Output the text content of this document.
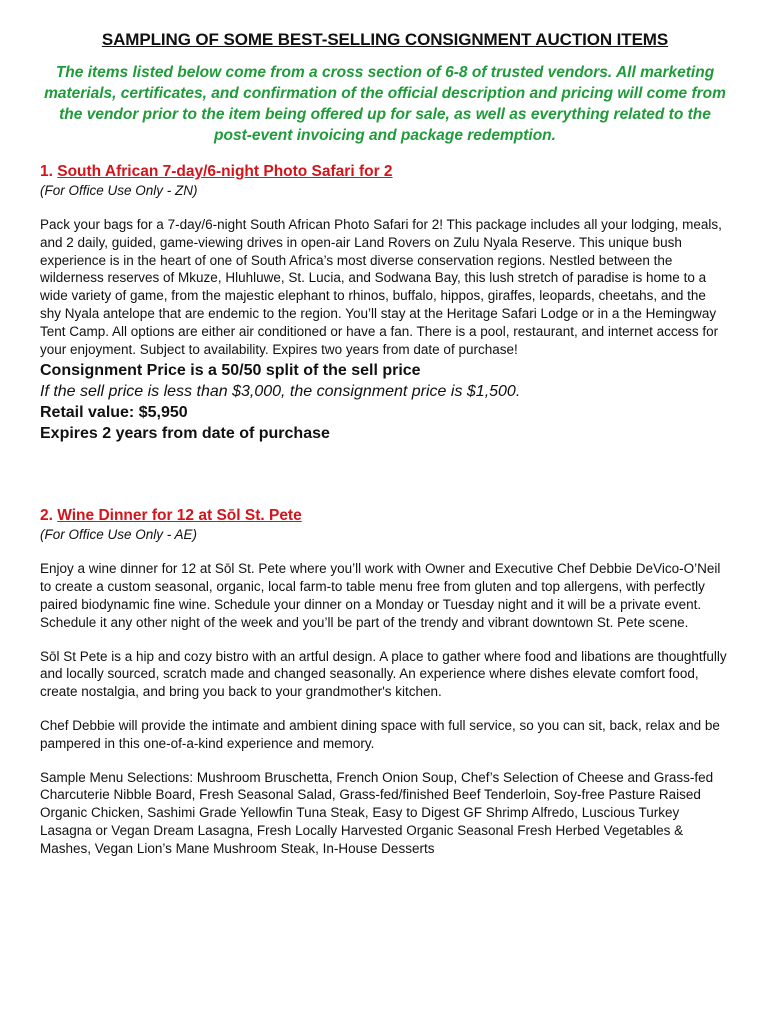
SAMPLING OF SOME BEST-SELLING CONSIGNMENT AUCTION ITEMS

The items listed below come from a cross section of 6-8 of trusted vendors. All marketing materials, certificates, and confirmation of the official description and pricing will come from the vendor prior to the item being offered up for sale, as well as everything related to the post-event invoicing and package redemption.

1. South African 7-day/6-night Photo Safari for 2

(For Office Use Only - ZN)

Pack your bags for a 7-day/6-night South African Photo Safari for 2! This package includes all your lodging, meals, and 2 daily, guided, game-viewing drives in open-air Land Rovers on Zulu Nyala Reserve. This unique bush experience is in the heart of one of South Africa’s most diverse conservation regions. Nestled between the wilderness reserves of Mkuze, Hluhluwe, St. Lucia, and Sodwana Bay, this lush stretch of paradise is home to a wide variety of game, from the majestic elephant to rhinos, buffalo, hippos, giraffes, leopards, cheetahs, and the shy Nyala antelope that are endemic to the region. You’ll stay at the Heritage Safari Lodge or in a the Hemingway Tent Camp. All options are either air conditioned or have a fan. There is a pool, restaurant, and internet access for your enjoyment. Subject to availability. Expires two years from date of purchase!

Consignment Price is a 50/50 split of the sell price

If the sell price is less than $3,000, the consignment price is $1,500.

Retail value: $5,950

Expires 2 years from date of purchase

2. Wine Dinner for 12 at Sōl St. Pete

(For Office Use Only - AE)

Enjoy a wine dinner for 12 at Sōl St. Pete where you’ll work with Owner and Executive Chef Debbie DeVico-O’Neil to create a custom seasonal, organic, local farm-to table menu free from gluten and top allergens, with perfectly paired biodynamic fine wine. Schedule your dinner on a Monday or Tuesday night and it will be a private event. Schedule it any other night of the week and you’ll be part of the trendy and vibrant downtown St. Pete scene.

Sōl St Pete is a hip and cozy bistro with an artful design. A place to gather where food and libations are thoughtfully and locally sourced, scratch made and changed seasonally. An experience where dishes elevate comfort food, create nostalgia, and bring you back to your grandmother's kitchen.

Chef Debbie will provide the intimate and ambient dining space with full service, so you can sit, back, relax and be pampered in this one-of-a-kind experience and memory.

Sample Menu Selections: Mushroom Bruschetta, French Onion Soup, Chef’s Selection of Cheese and Grass-fed Charcuterie Nibble Board, Fresh Seasonal Salad, Grass-fed/finished Beef Tenderloin, Soy-free Pasture Raised Organic Chicken, Sashimi Grade Yellowfin Tuna Steak, Easy to Digest GF Shrimp Alfredo, Luscious Turkey Lasagna or Vegan Dream Lasagna, Fresh Locally Harvested Organic Seasonal Fresh Herbed Vegetables & Mashes, Vegan Lion’s Mane Mushroom Steak, In-House Desserts
